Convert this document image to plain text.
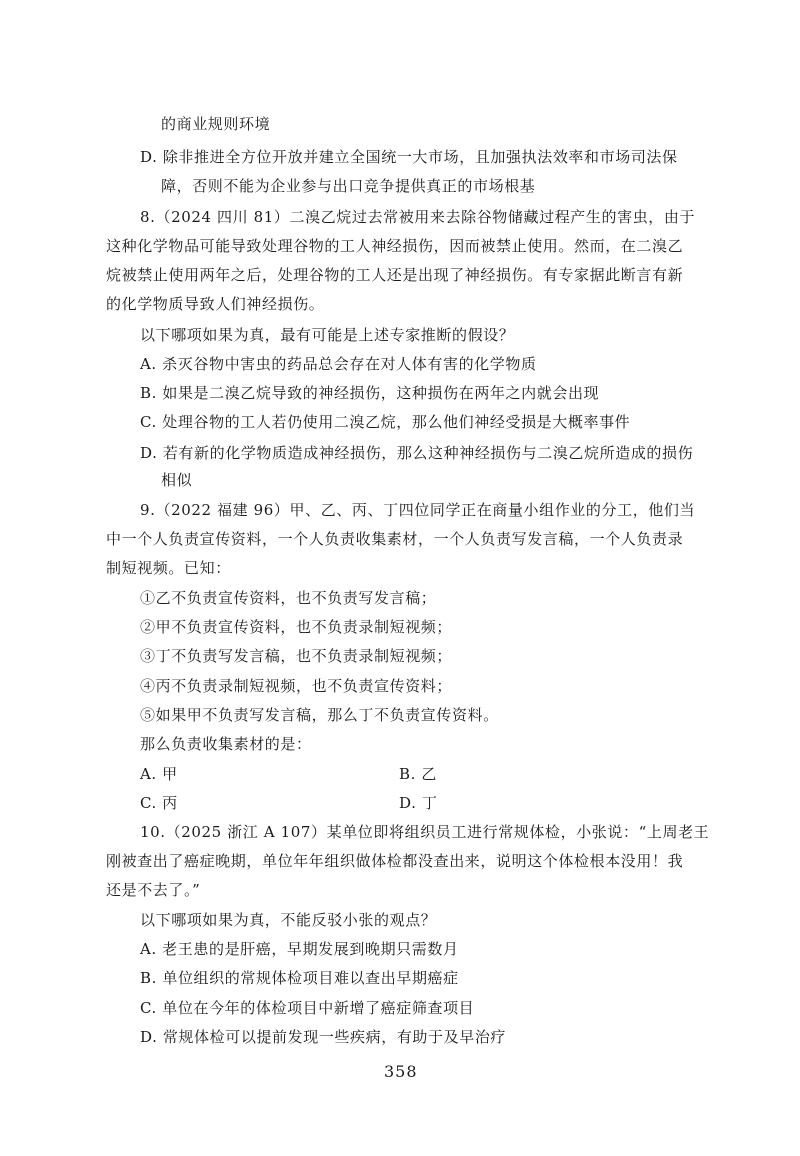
的商业规则环境
D. 除非推进全方位开放并建立全国统一大市场，且加强执法效率和市场司法保
障，否则不能为企业参与出口竞争提供真正的市场根基
8.（2024 四川 81）二溴乙烷过去常被用来去除谷物储藏过程产生的害虫，由于
这种化学物品可能导致处理谷物的工人神经损伤，因而被禁止使用。然而，在二溴乙
烷被禁止使用两年之后，处理谷物的工人还是出现了神经损伤。有专家据此断言有新
的化学物质导致人们神经损伤。
以下哪项如果为真，最有可能是上述专家推断的假设？
A. 杀灭谷物中害虫的药品总会存在对人体有害的化学物质
B. 如果是二溴乙烷导致的神经损伤，这种损伤在两年之内就会出现
C. 处理谷物的工人若仍使用二溴乙烷，那么他们神经受损是大概率事件
D. 若有新的化学物质造成神经损伤，那么这种神经损伤与二溴乙烷所造成的损伤
相似
9.（2022 福建 96）甲、乙、丙、丁四位同学正在商量小组作业的分工，他们当
中一个人负责宣传资料，一个人负责收集素材，一个人负责写发言稿，一个人负责录
制短视频。已知：
①乙不负责宣传资料，也不负责写发言稿；
②甲不负责宣传资料，也不负责录制短视频；
③丁不负责写发言稿，也不负责录制短视频；
④丙不负责录制短视频，也不负责宣传资料；
⑤如果甲不负责写发言稿，那么丁不负责宣传资料。
那么负责收集素材的是：
A. 甲	B. 乙
C. 丙	D. 丁
10.（2025 浙江 A 107）某单位即将组织员工进行常规体检，小张说：“上周老王
刚被查出了癌症晚期，单位年年组织做体检都没查出来，说明这个体检根本没用！我
还是不去了。”
以下哪项如果为真，不能反驳小张的观点？
A. 老王患的是肝癌，早期发展到晚期只需数月
B. 单位组织的常规体检项目难以查出早期癌症
C. 单位在今年的体检项目中新增了癌症筛查项目
D. 常规体检可以提前发现一些疾病，有助于及早治疗
358
